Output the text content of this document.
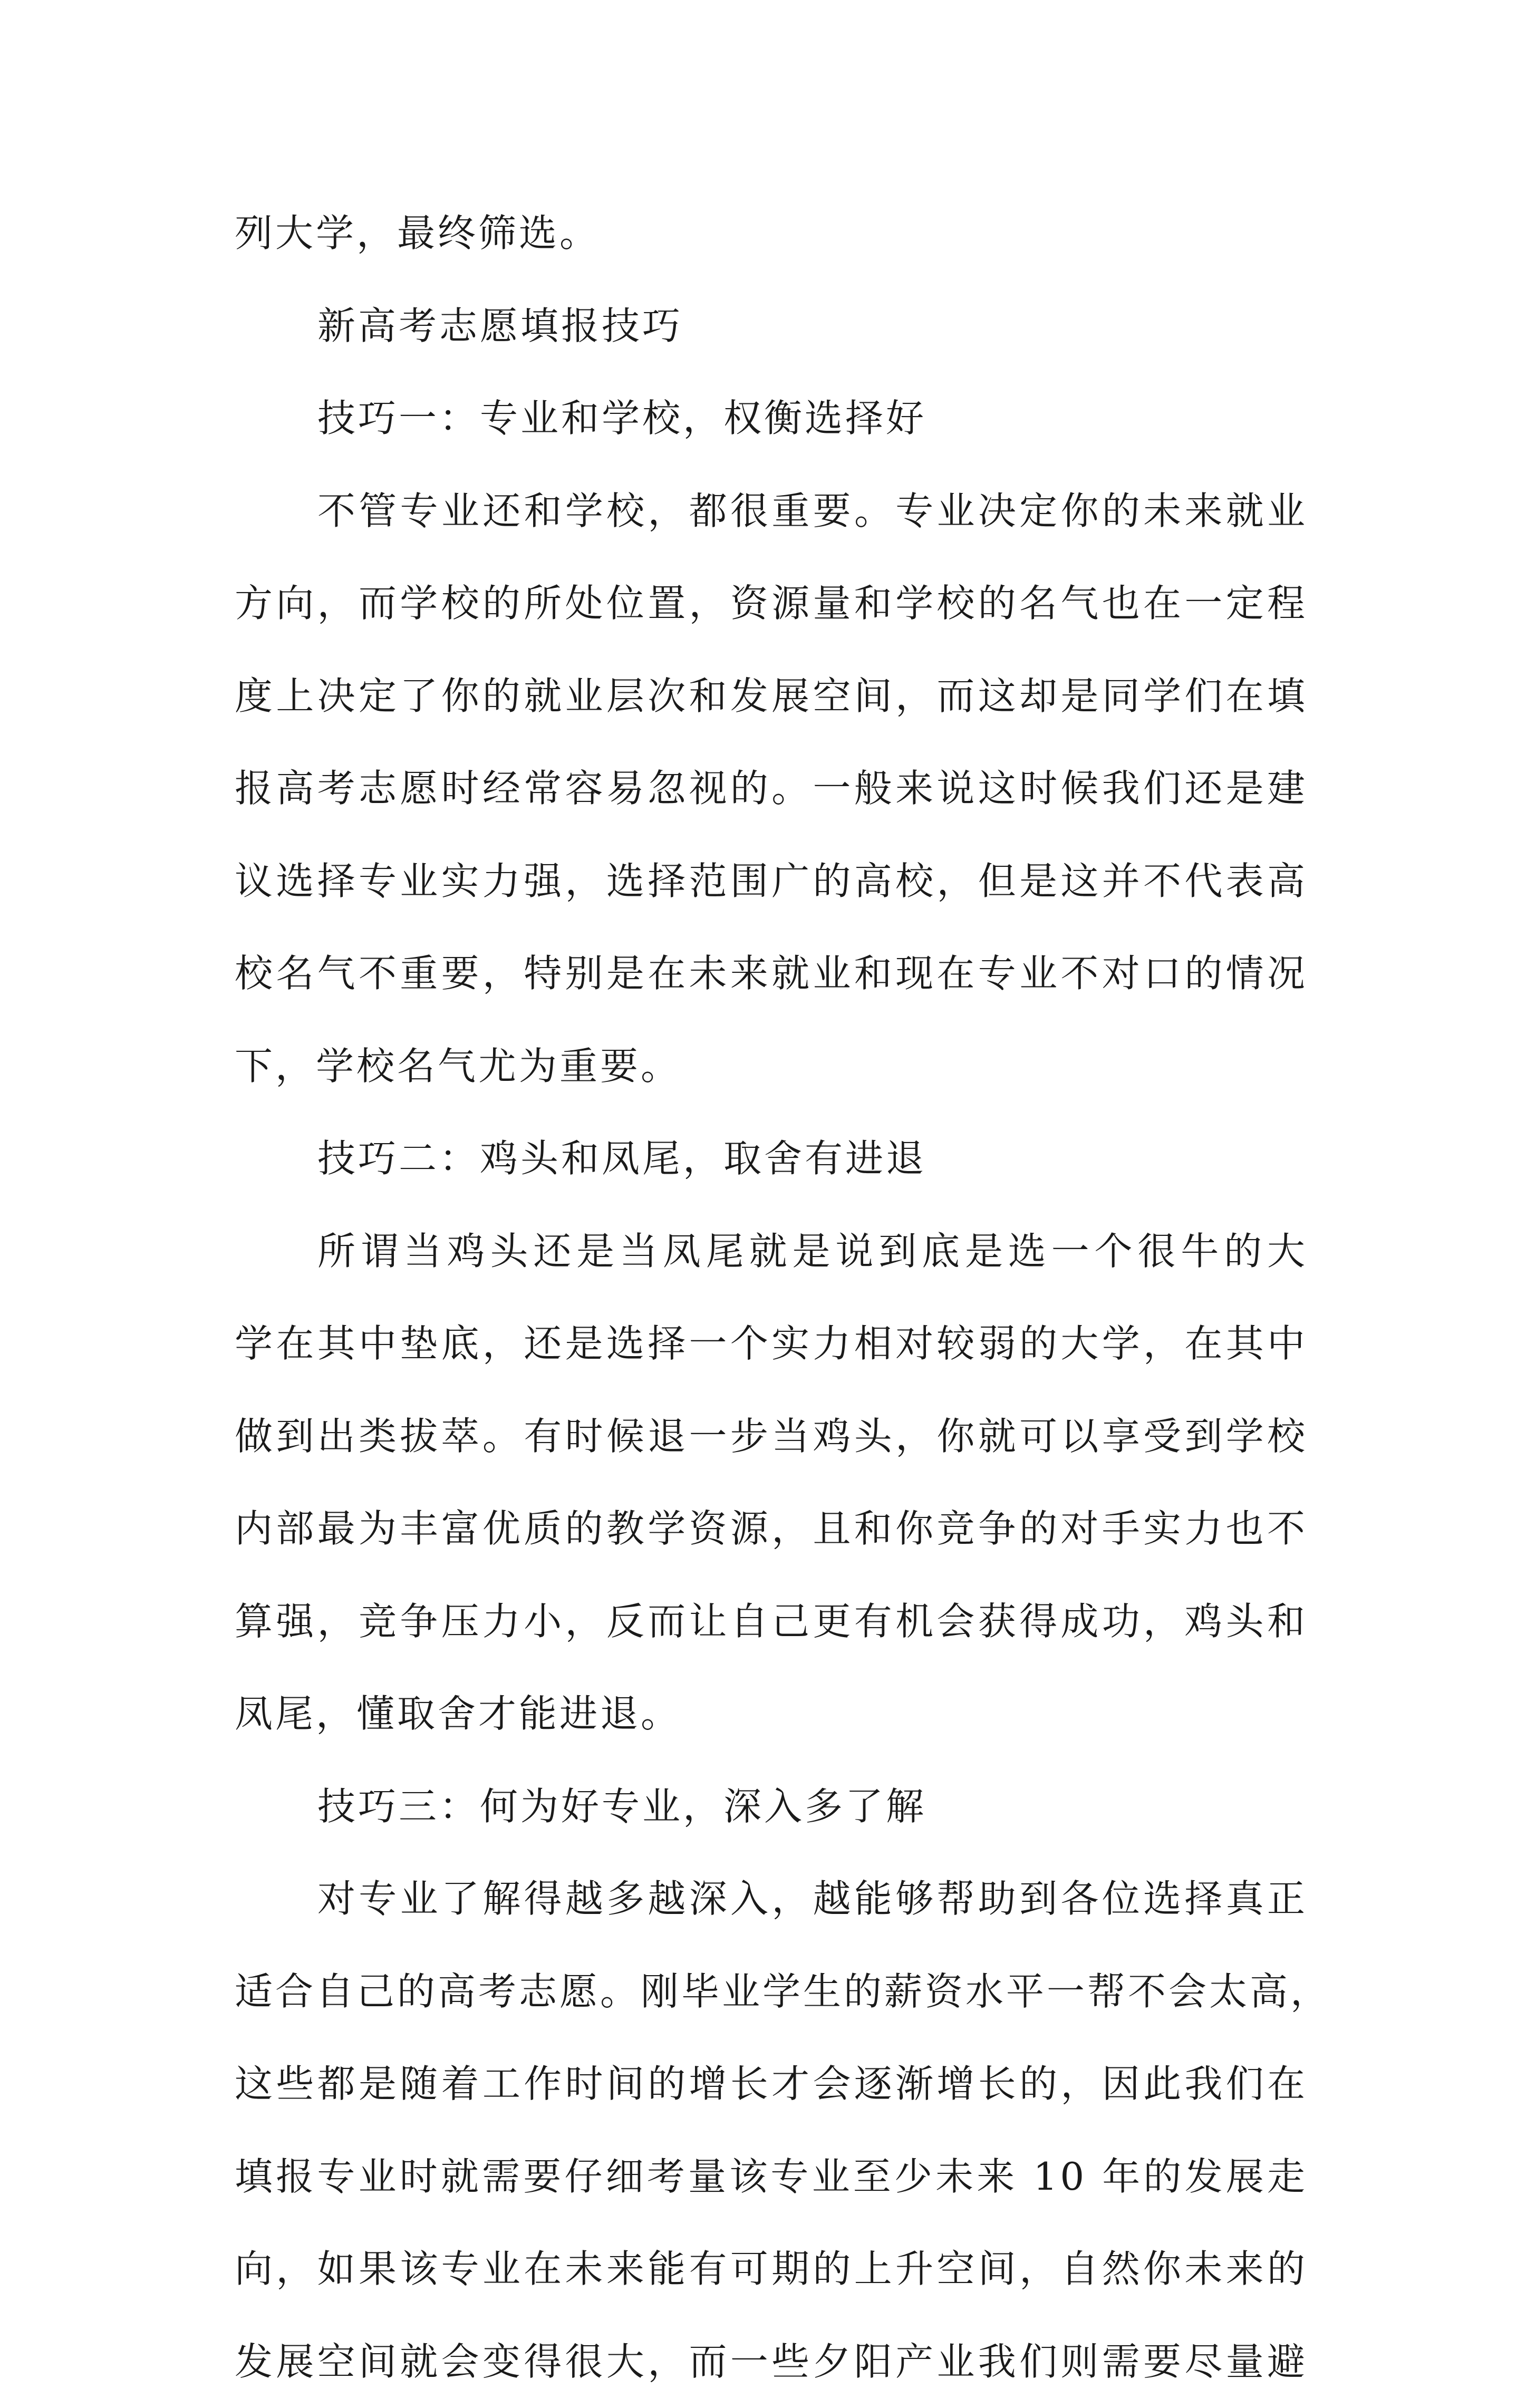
列大学，最终筛选。
新高考志愿填报技巧
技巧一：专业和学校，权衡选择好
不管专业还和学校，都很重要。专业决定你的未来就业
方向，而学校的所处位置，资源量和学校的名气也在一定程
度上决定了你的就业层次和发展空间，而这却是同学们在填
报高考志愿时经常容易忽视的。一般来说这时候我们还是建
议选择专业实力强，选择范围广的高校，但是这并不代表高
校名气不重要，特别是在未来就业和现在专业不对口的情况
下，学校名气尤为重要。
技巧二：鸡头和凤尾，取舍有进退
所谓当鸡头还是当凤尾就是说到底是选一个很牛的大
学在其中垫底，还是选择一个实力相对较弱的大学，在其中
做到出类拔萃。有时候退一步当鸡头，你就可以享受到学校
内部最为丰富优质的教学资源，且和你竞争的对手实力也不
算强，竞争压力小，反而让自己更有机会获得成功，鸡头和
凤尾，懂取舍才能进退。
技巧三：何为好专业，深入多了解
对专业了解得越多越深入，越能够帮助到各位选择真正
适合自己的高考志愿。刚毕业学生的薪资水平一帮不会太高，
这些都是随着工作时间的增长才会逐渐增长的，因此我们在
填报专业时就需要仔细考量该专业至少未来 10 年的发展走
向，如果该专业在未来能有可期的上升空间，自然你未来的
发展空间就会变得很大，而一些夕阳产业我们则需要尽量避
